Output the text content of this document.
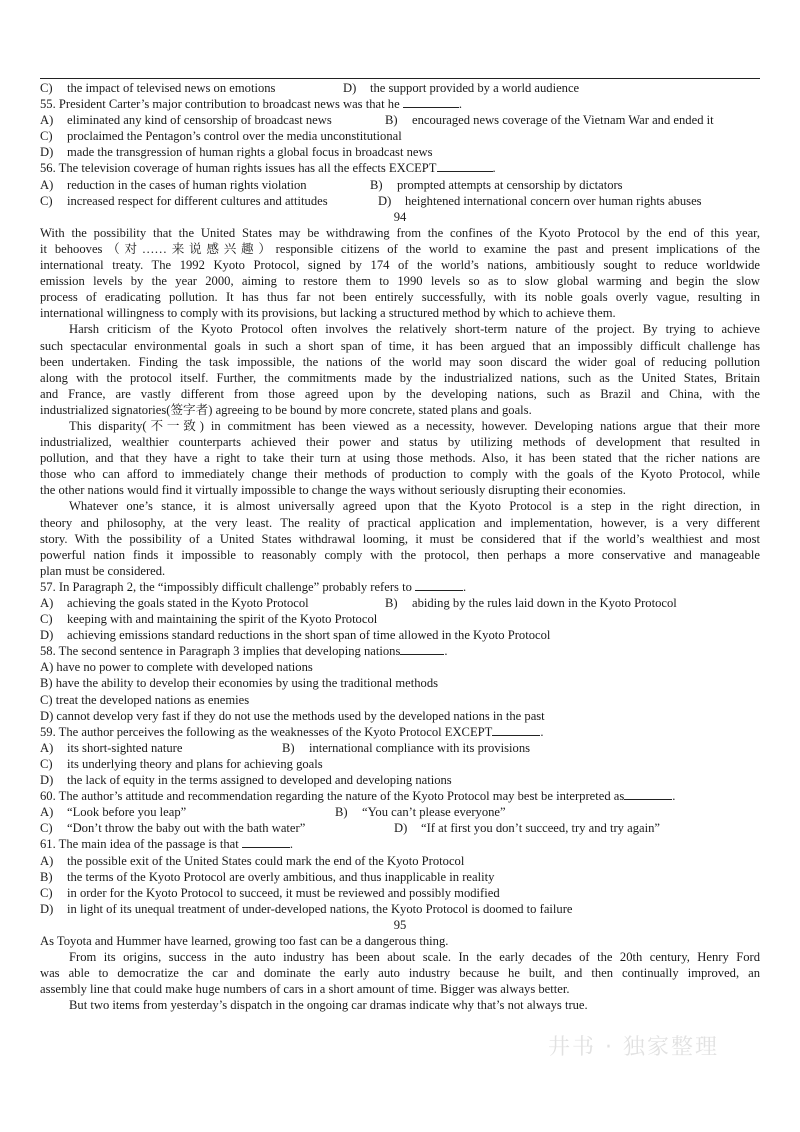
C) the impact of televised news on emotions	D) the support provided by a world audience
55. President Carter’s major contribution to broadcast news was that he	.
A) eliminated any kind of censorship of broadcast news	B) encouraged news coverage of the Vietnam War and ended it
C) proclaimed the Pentagon’s control over the media unconstitutional
D) made the transgression of human rights a global focus in broadcast news
56. The television coverage of human rights issues has all the effects EXCEPT	.
A) reduction in the cases of human rights violation	B) prompted attempts at censorship by dictators
C) increased respect for different cultures and attitudes	D) heightened international concern over human rights abuses
94
With the possibility that the United States may be withdrawing from the confines of the Kyoto Protocol by the end of this year,
it behooves（对……来说感兴趣）responsible citizens of the world to examine the past and present implications of the
international treaty. The 1992 Kyoto Protocol, signed by 174 of the world’s nations, ambitiously sought to reduce worldwide
emission levels by the year 2000, aiming to restore them to 1990 levels so as to slow global warming and begin the slow
process of eradicating pollution. It has thus far not been entirely successfully, with its noble goals overly vague, resulting in
international willingness to comply with its provisions, but lacking a structured method by which to achieve them.
Harsh criticism of the Kyoto Protocol often involves the relatively short-term nature of the project. By trying to achieve
such spectacular environmental goals in such a short span of time, it has been argued that an impossibly difficult challenge has
been undertaken. Finding the task impossible, the nations of the world may soon discard the wider goal of reducing pollution
along with the protocol itself. Further, the commitments made by the industrialized nations, such as the United States, Britain
and France, are vastly different from those agreed upon by the developing nations, such as Brazil and China, with the
industrialized signatories(签字者) agreeing to be bound by more concrete, stated plans and goals.
This disparity(不一致) in commitment has been viewed as a necessity, however. Developing nations argue that their more
industrialized, wealthier counterparts achieved their power and status by utilizing methods of development that resulted in
pollution, and that they have a right to take their turn at using those methods. Also, it has been stated that the richer nations are
those who can afford to immediately change their methods of production to comply with the goals of the Kyoto Protocol, while
the other nations would find it virtually impossible to change the ways without seriously disrupting their economies.
Whatever one’s stance, it is almost universally agreed upon that the Kyoto Protocol is a step in the right direction, in
theory and philosophy, at the very least. The reality of practical application and implementation, however, is a very different
story. With the possibility of a United States withdrawal looming, it must be considered that if the world’s wealthiest and most
powerful nation finds it impossible to reasonably comply with the protocol, then perhaps a more conservative and manageable
plan must be considered.
57. In Paragraph 2, the “impossibly difficult challenge” probably refers to	.
A) achieving the goals stated in the Kyoto Protocol	B) abiding by the rules laid down in the Kyoto Protocol
C) keeping with and maintaining the spirit of the Kyoto Protocol
D) achieving emissions standard reductions in the short span of time allowed in the Kyoto Protocol
58. The second sentence in Paragraph 3 implies that developing nations	.
A) have no power to complete with developed nations
B) have the ability to develop their economies by using the traditional methods
C) treat the developed nations as enemies
D) cannot develop very fast if they do not use the methods used by the developed nations in the past
59. The author perceives the following as the weaknesses of the Kyoto Protocol EXCEPT	.
A) its short-sighted nature	B) international compliance with its provisions
C) its underlying theory and plans for achieving goals
D) the lack of equity in the terms assigned to developed and developing nations
60. The author’s attitude and recommendation regarding the nature of the Kyoto Protocol may best be interpreted as	.
A) “Look before you leap”	B) “You can’t please everyone”
C) “Don’t throw the baby out with the bath water”	D) “If at first you don’t succeed, try and try again”
61. The main idea of the passage is that	.
A) the possible exit of the United States could mark the end of the Kyoto Protocol
B) the terms of the Kyoto Protocol are overly ambitious, and thus inapplicable in reality
C) in order for the Kyoto Protocol to succeed, it must be reviewed and possibly modified
D) in light of its unequal treatment of under-developed nations, the Kyoto Protocol is doomed to failure
95
As Toyota and Hummer have learned, growing too fast can be a dangerous thing.
From its origins, success in the auto industry has been about scale. In the early decades of the 20th century, Henry Ford
was able to democratize the car and dominate the early auto industry because he built, and then continually improved, an
assembly line that could make huge numbers of cars in a short amount of time. Bigger was always better.
But two items from yesterday’s dispatch in the ongoing car dramas indicate why that’s not always true.
井书 · 独家整理
